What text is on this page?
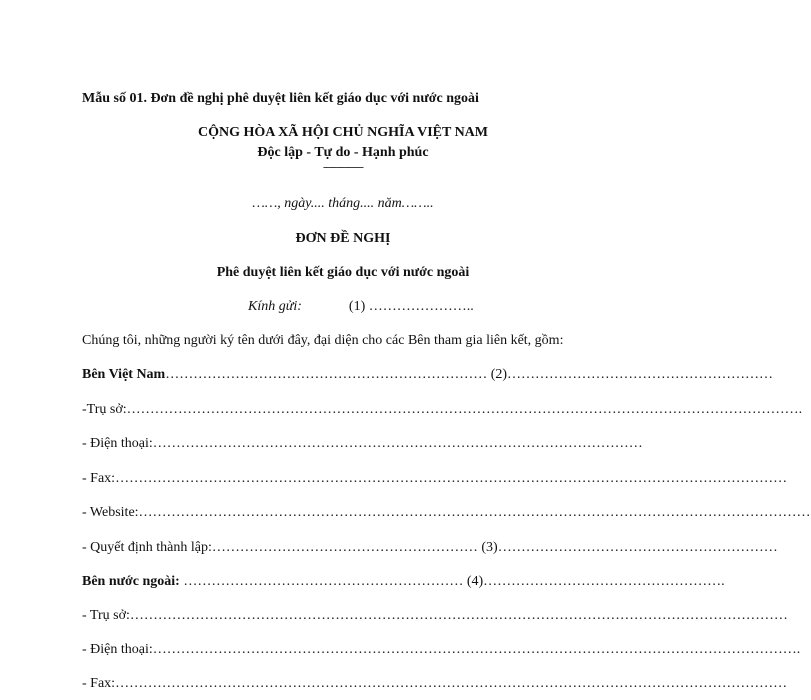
Mẫu số 01. Đơn đề nghị phê duyệt liên kết giáo dục với nước ngoài
CỘNG HÒA XÃ HỘI CHỦ NGHĨA VIỆT NAM
Độc lập - Tự do - Hạnh phúc
---------------
……, ngày.... tháng.... năm……..
ĐƠN ĐỀ NGHỊ
Phê duyệt liên kết giáo dục với nước ngoài
Kính gửi:	(1) …………………..
Chúng tôi, những người ký tên dưới đây, đại diện cho các Bên tham gia liên kết, gồm:
Bên Việt Nam…………………………………………………………… (2)…………………………………………………
-Trụ sở: ……………………………………………………………………………………………………………………………….
- Điện thoại:……………………………………………………………………………………………
- Fax: ………………………………………………………………………………………………………………………………
- Website: ………………………………………………………………………………………………………………………………
- Quyết định thành lập:………………………………………………… (3)……………………………………………………
Bên nước ngoài: …………………………………………………… (4)…………………………………………….
- Trụ sở: ……………………………………………………………………………………………………………………………
- Điện thoại: ………………………………………………………………………………………………………………………….
- Fax: ………………………………………………………………………………………………………………………………
